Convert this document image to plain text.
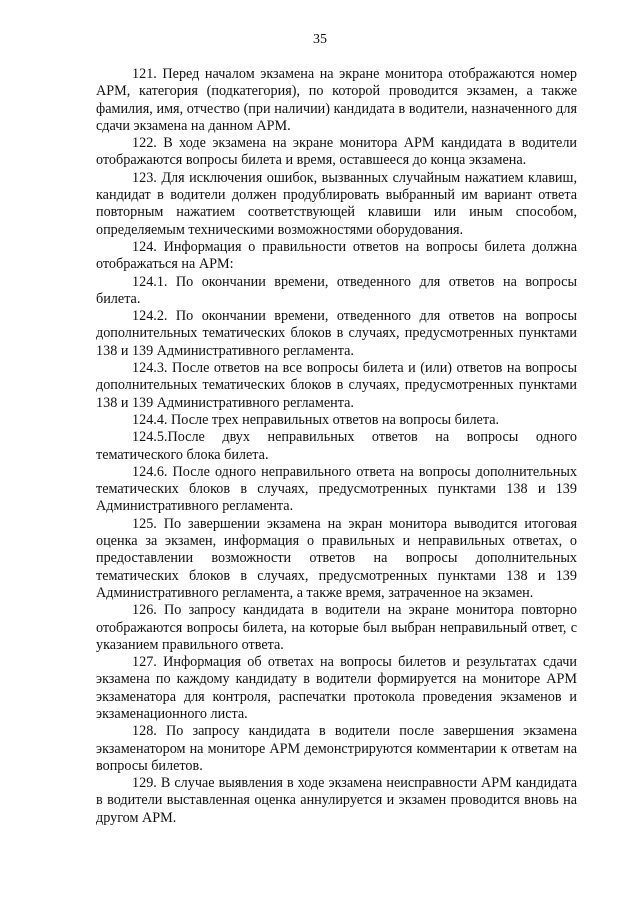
35

121. Перед началом экзамена на экране монитора отображаются номер АРМ, категория (подкатегория), по которой проводится экзамен, а также фамилия, имя, отчество (при наличии) кандидата в водители, назначенного для сдачи экзамена на данном АРМ.

122. В ходе экзамена на экране монитора АРМ кандидата в водители отображаются вопросы билета и время, оставшееся до конца экзамена.

123. Для исключения ошибок, вызванных случайным нажатием клавиш, кандидат в водители должен продублировать выбранный им вариант ответа повторным нажатием соответствующей клавиши или иным способом, определяемым техническими возможностями оборудования.

124. Информация о правильности ответов на вопросы билета должна отображаться на АРМ:

124.1. По окончании времени, отведенного для ответов на вопросы билета.

124.2. По окончании времени, отведенного для ответов на вопросы дополнительных тематических блоков в случаях, предусмотренных пунктами 138 и 139 Административного регламента.

124.3. После ответов на все вопросы билета и (или) ответов на вопросы дополнительных тематических блоков в случаях, предусмотренных пунктами 138 и 139 Административного регламента.

124.4. После трех неправильных ответов на вопросы билета.

124.5.После двух неправильных ответов на вопросы одного тематического блока билета.

124.6. После одного неправильного ответа на вопросы дополнительных тематических блоков в случаях, предусмотренных пунктами 138 и 139 Административного регламента.

125. По завершении экзамена на экран монитора выводится итоговая оценка за экзамен, информация о правильных и неправильных ответах, о предоставлении возможности ответов на вопросы дополнительных тематических блоков в случаях, предусмотренных пунктами 138 и 139 Административного регламента, а также время, затраченное на экзамен.

126. По запросу кандидата в водители на экране монитора повторно отображаются вопросы билета, на которые был выбран неправильный ответ, с указанием правильного ответа.

127. Информация об ответах на вопросы билетов и результатах сдачи экзамена по каждому кандидату в водители формируется на мониторе АРМ экзаменатора для контроля, распечатки протокола проведения экзаменов и экзаменационного листа.

128. По запросу кандидата в водители после завершения экзамена экзаменатором на мониторе АРМ демонстрируются комментарии к ответам на вопросы билетов.

129. В случае выявления в ходе экзамена неисправности АРМ кандидата в водители выставленная оценка аннулируется и экзамен проводится вновь на другом АРМ.
